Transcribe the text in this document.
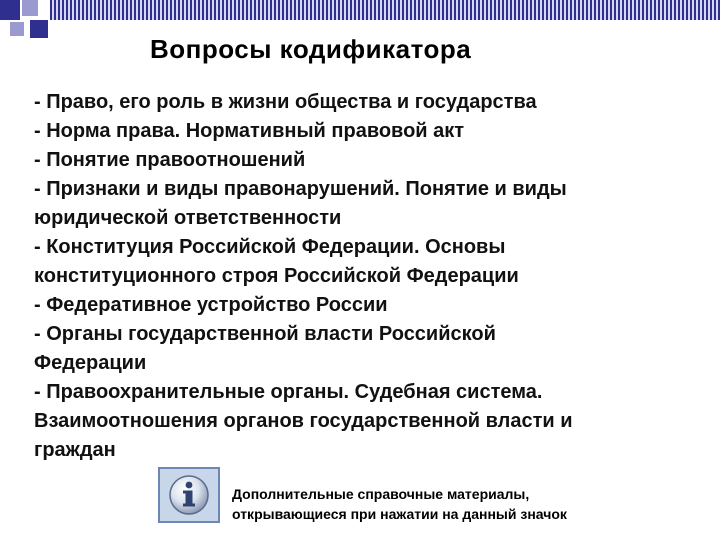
Вопросы кодификатора
- Право, его роль в жизни общества и государства
- Норма права. Нормативный правовой акт
- Понятие правоотношений
- Признаки и виды правонарушений. Понятие и виды
юридической ответственности
- Конституция Российской Федерации. Основы
конституционного строя Российской Федерации
- Федеративное устройство России
- Органы государственной власти Российской
Федерации
- Правоохранительные органы. Судебная система.
Взаимоотношения органов государственной власти и
граждан
Дополнительные справочные материалы,
открывающиеся при нажатии на данный значок
